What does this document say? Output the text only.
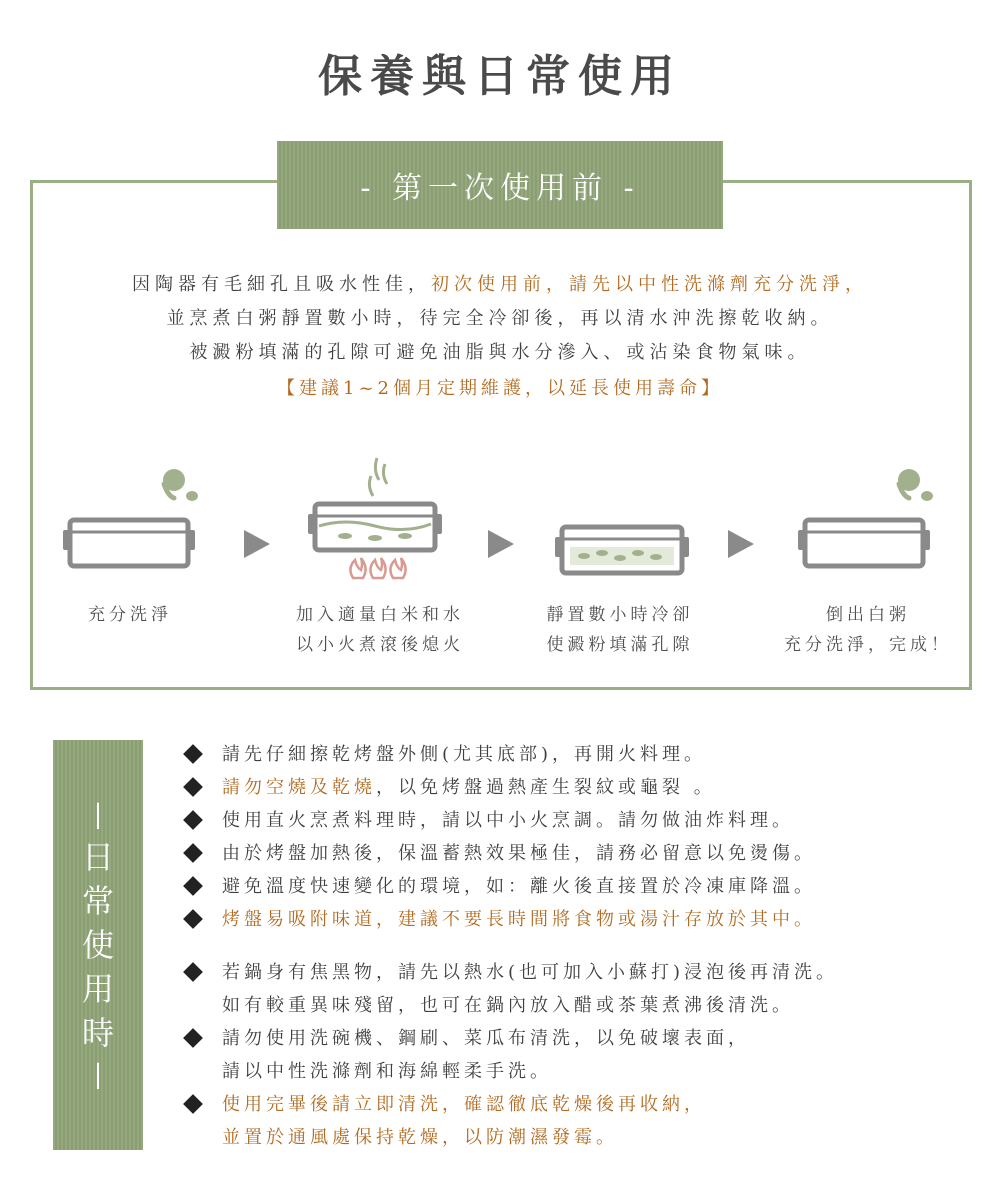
保養與日常使用
- 第一次使用前 -
因陶器有毛細孔且吸水性佳，初次使用前，請先以中性洗滌劑充分洗淨，
並烹煮白粥靜置數小時，待完全冷卻後，再以清水沖洗擦乾收納。
被澱粉填滿的孔隙可避免油脂與水分滲入、或沾染食物氣味。
【建議1~2個月定期維護，以延長使用壽命】
充分洗淨	加入適量白米和水
以小火煮滾後熄火
靜置數小時冷卻
使澱粉填滿孔隙
倒出白粥
充分洗淨，完成！
|
日
常
使
用
時
|
請先仔細擦乾烤盤外側(尤其底部)，再開火料理。
請勿空燒及乾燒，以免烤盤過熱產生裂紋或龜裂 。
使用直火烹煮料理時，請以中小火烹調。請勿做油炸料理。
由於烤盤加熱後，保溫蓄熱效果極佳，請務必留意以免燙傷。
避免溫度快速變化的環境，如：離火後直接置於冷凍庫降溫。
烤盤易吸附味道，建議不要長時間將食物或湯汁存放於其中。
若鍋身有焦黑物，請先以熱水(也可加入小蘇打)浸泡後再清洗。
如有較重異味殘留，也可在鍋內放入醋或茶葉煮沸後清洗。
請勿使用洗碗機、鋼刷、菜瓜布清洗，以免破壞表面，
請以中性洗滌劑和海綿輕柔手洗。
使用完畢後請立即清洗，確認徹底乾燥後再收納，
並置於通風處保持乾燥，以防潮濕發霉。
